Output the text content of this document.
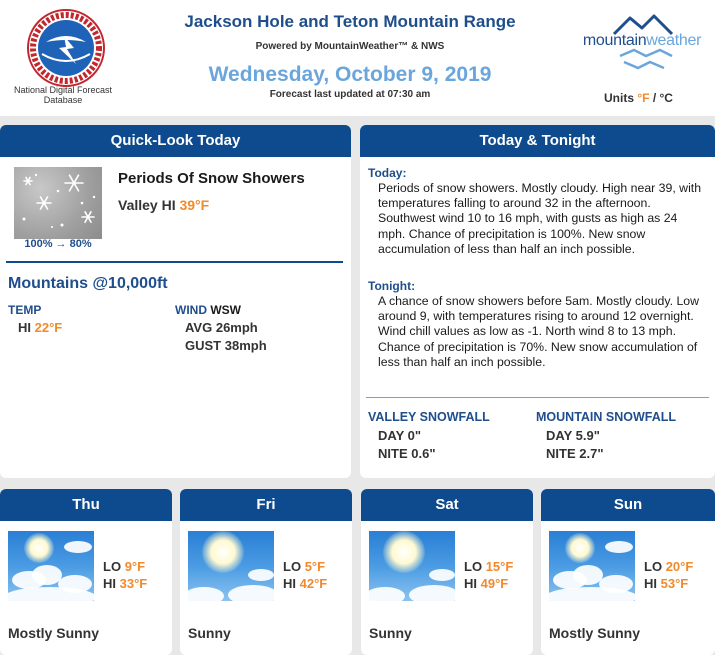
National Digital Forecast Database
Jackson Hole and Teton Mountain Range
Powered by MountainWeather™ & NWS
Wednesday, October 9, 2019
Forecast last updated at 07:30 am
mountainweather
Units °F / °C
Quick-Look Today
100% → 80%
Periods Of Snow Showers
Valley HI 39°F
Mountains @10,000ft
TEMP
HI 22°F
WIND WSW
AVG 26mph
GUST 38mph
Today & Tonight
Today:
Periods of snow showers. Mostly cloudy. High near 39, with temperatures falling to around 32 in the afternoon. Southwest wind 10 to 16 mph, with gusts as high as 24 mph. Chance of precipitation is 100%. New snow accumulation of less than half an inch possible.
Tonight:
A chance of snow showers before 5am. Mostly cloudy. Low around 9, with temperatures rising to around 12 overnight. Wind chill values as low as -1. North wind 8 to 13 mph. Chance of precipitation is 70%. New snow accumulation of less than half an inch possible.
VALLEY SNOWFALL
DAY 0"
NITE 0.6"
MOUNTAIN SNOWFALL
DAY 5.9"
NITE 2.7"
Thu
LO 9°F
HI 33°F
Mostly Sunny
Fri
LO 5°F
HI 42°F
Sunny
Sat
LO 15°F
HI 49°F
Sunny
Sun
LO 20°F
HI 53°F
Mostly Sunny
